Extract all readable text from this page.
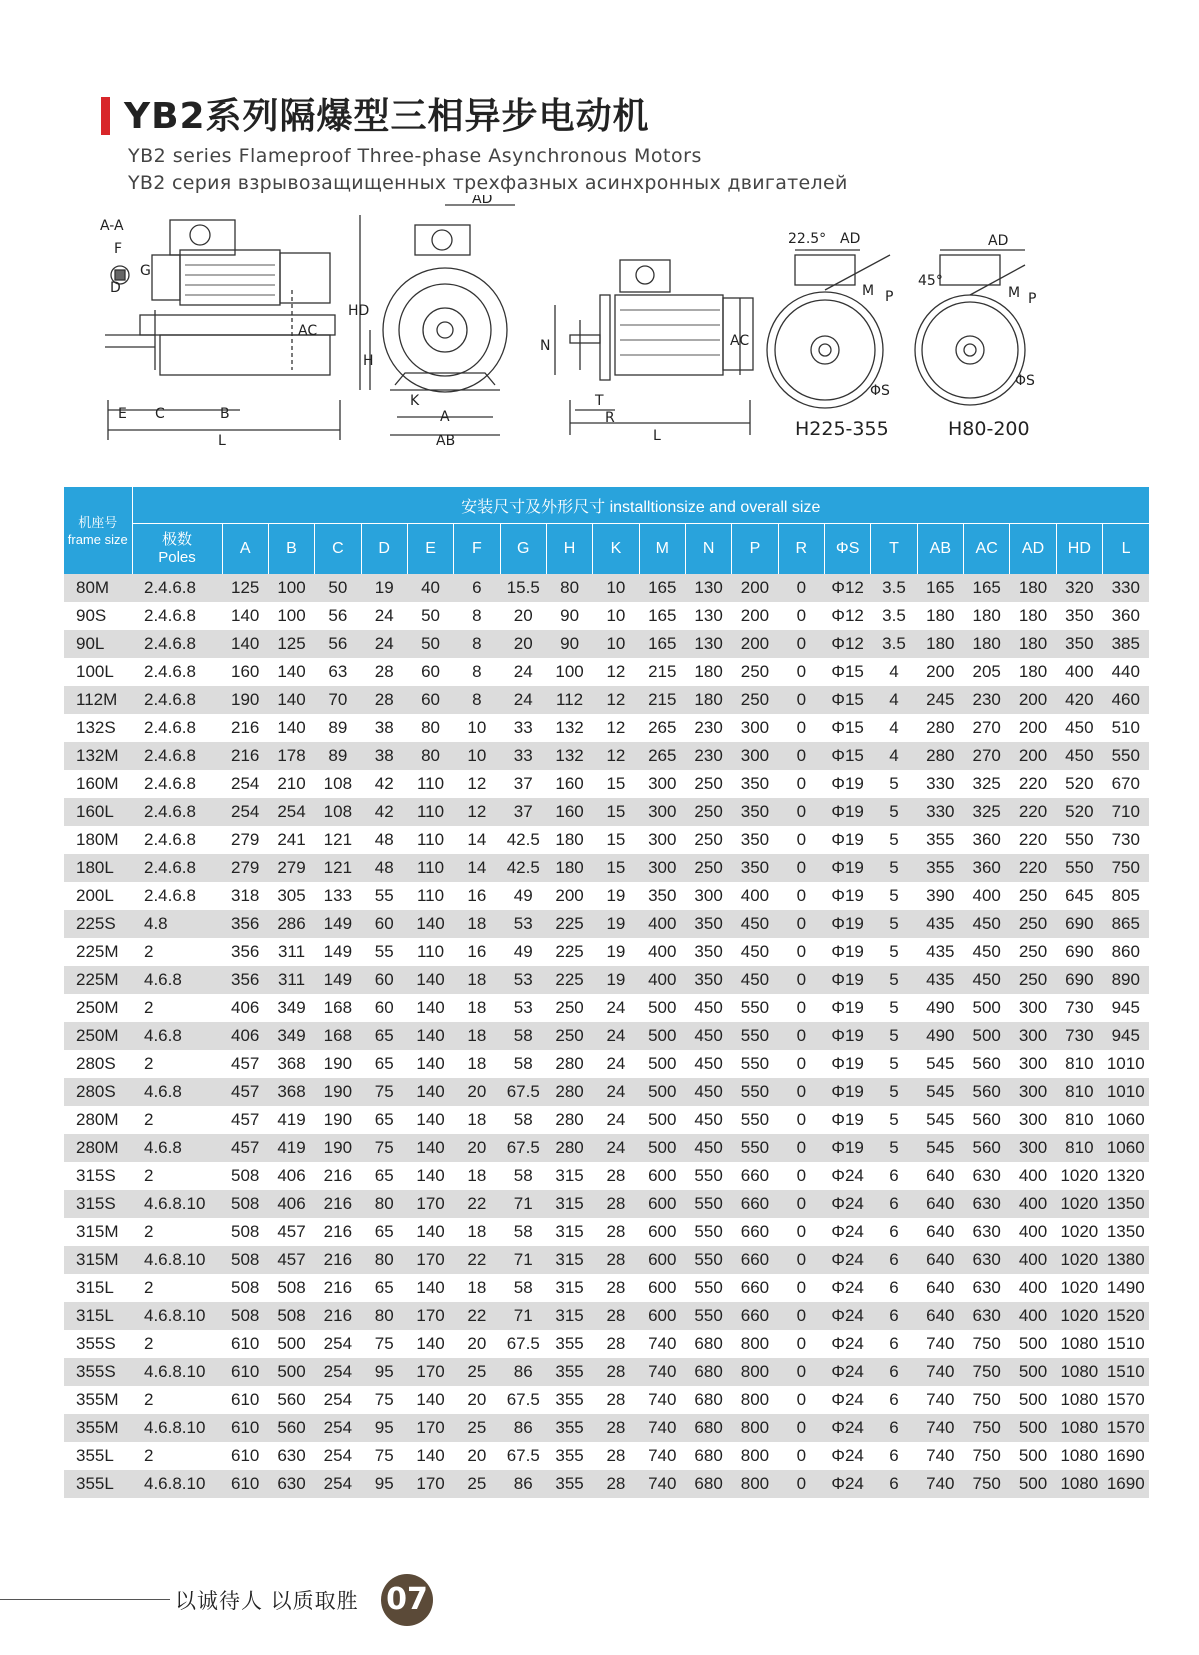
YB2系列隔爆型三相异步电动机
YB2 series Flameproof Three-phase Asynchronous Motors
YB2 серия взрывозащищенных трехфазных асинхронных двигателей
A-A
F
G
D
E C	B
L
AC
AD
HD
H
K
A
AB
N
R
T
L
AC
22.5° AD
M P
ΦS
H225-355
45°
AD
M P
ΦS
H80-200
机座号
frame size	安装尺寸及外形尺寸 installtionsize and overall size																				

	极数
Poles	A	B	C	D	E	F	G	H	K	M	N	P	R	ΦS	T	AB	AC	AD	HD	L
80M	2.4.6.8	125	100	50	19	40	6	15.5	80	10	165	130	200	0	Φ12	3.5	165	165	180	320	330
90S	2.4.6.8	140	100	56	24	50	8	20	90	10	165	130	200	0	Φ12	3.5	180	180	180	350	360
90L	2.4.6.8	140	125	56	24	50	8	20	90	10	165	130	200	0	Φ12	3.5	180	180	180	350	385
100L	2.4.6.8	160	140	63	28	60	8	24	100	12	215	180	250	0	Φ15	4	200	205	180	400	440
112M	2.4.6.8	190	140	70	28	60	8	24	112	12	215	180	250	0	Φ15	4	245	230	200	420	460
132S	2.4.6.8	216	140	89	38	80	10	33	132	12	265	230	300	0	Φ15	4	280	270	200	450	510
132M	2.4.6.8	216	178	89	38	80	10	33	132	12	265	230	300	0	Φ15	4	280	270	200	450	550
160M	2.4.6.8	254	210	108	42	110	12	37	160	15	300	250	350	0	Φ19	5	330	325	220	520	670
160L	2.4.6.8	254	254	108	42	110	12	37	160	15	300	250	350	0	Φ19	5	330	325	220	520	710
180M	2.4.6.8	279	241	121	48	110	14	42.5	180	15	300	250	350	0	Φ19	5	355	360	220	550	730
180L	2.4.6.8	279	279	121	48	110	14	42.5	180	15	300	250	350	0	Φ19	5	355	360	220	550	750
200L	2.4.6.8	318	305	133	55	110	16	49	200	19	350	300	400	0	Φ19	5	390	400	250	645	805
225S	4.8	356	286	149	60	140	18	53	225	19	400	350	450	0	Φ19	5	435	450	250	690	865
225M	2	356	311	149	55	110	16	49	225	19	400	350	450	0	Φ19	5	435	450	250	690	860
225M	4.6.8	356	311	149	60	140	18	53	225	19	400	350	450	0	Φ19	5	435	450	250	690	890
250M	2	406	349	168	60	140	18	53	250	24	500	450	550	0	Φ19	5	490	500	300	730	945
250M	4.6.8	406	349	168	65	140	18	58	250	24	500	450	550	0	Φ19	5	490	500	300	730	945
280S	2	457	368	190	65	140	18	58	280	24	500	450	550	0	Φ19	5	545	560	300	810	1010
280S	4.6.8	457	368	190	75	140	20	67.5	280	24	500	450	550	0	Φ19	5	545	560	300	810	1010
280M	2	457	419	190	65	140	18	58	280	24	500	450	550	0	Φ19	5	545	560	300	810	1060
280M	4.6.8	457	419	190	75	140	20	67.5	280	24	500	450	550	0	Φ19	5	545	560	300	810	1060
315S	2	508	406	216	65	140	18	58	315	28	600	550	660	0	Φ24	6	640	630	400	1020	1320
315S	4.6.8.10	508	406	216	80	170	22	71	315	28	600	550	660	0	Φ24	6	640	630	400	1020	1350
315M	2	508	457	216	65	140	18	58	315	28	600	550	660	0	Φ24	6	640	630	400	1020	1350
315M	4.6.8.10	508	457	216	80	170	22	71	315	28	600	550	660	0	Φ24	6	640	630	400	1020	1380
315L	2	508	508	216	65	140	18	58	315	28	600	550	660	0	Φ24	6	640	630	400	1020	1490
315L	4.6.8.10	508	508	216	80	170	22	71	315	28	600	550	660	0	Φ24	6	640	630	400	1020	1520
355S	2	610	500	254	75	140	20	67.5	355	28	740	680	800	0	Φ24	6	740	750	500	1080	1510
355S	4.6.8.10	610	500	254	95	170	25	86	355	28	740	680	800	0	Φ24	6	740	750	500	1080	1510
355M	2	610	560	254	75	140	20	67.5	355	28	740	680	800	0	Φ24	6	740	750	500	1080	1570
355M	4.6.8.10	610	560	254	95	170	25	86	355	28	740	680	800	0	Φ24	6	740	750	500	1080	1570
355L	2	610	630	254	75	140	20	67.5	355	28	740	680	800	0	Φ24	6	740	750	500	1080	1690
355L	4.6.8.10	610	630	254	95	170	25	86	355	28	740	680	800	0	Φ24	6	740	750	500	1080	1690
以诚待人 以质取胜 07
